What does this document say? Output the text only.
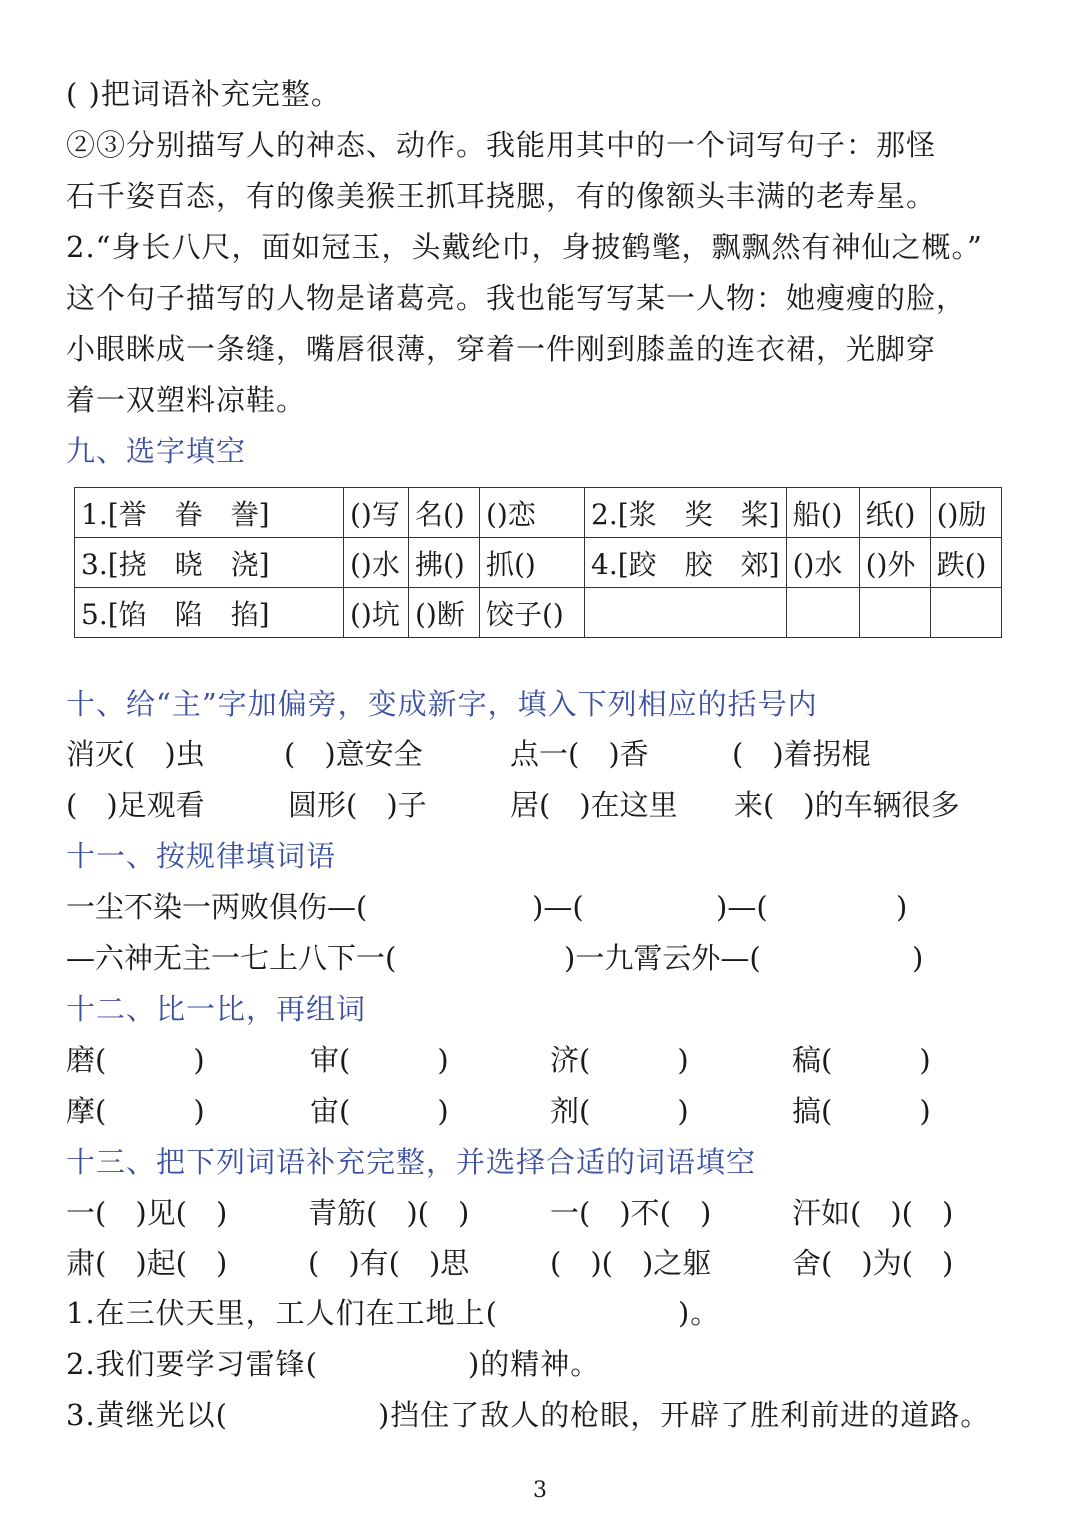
( )把词语补充完整。
②③分别描写人的神态、动作。我能用其中的一个词写句子：那怪
石千姿百态，有的像美猴王抓耳挠腮，有的像额头丰满的老寿星。
2.“身长八尺，面如冠玉，头戴纶巾，身披鹤氅，飘飘然有神仙之概。”
这个句子描写的人物是诸葛亮。我也能写写某一人物：她瘦瘦的脸，
小眼眯成一条缝，嘴唇很薄，穿着一件刚到膝盖的连衣裙，光脚穿
着一双塑料凉鞋。
九、选字填空
1.[誉　眷　誊]	()写	名()	()恋	2.[浆　奖　桨]	船()	纸()	()励
3.[挠　晓　浇]	()水	拂()	抓()	4.[跤　胶　郊]	()水	()外	跌()
5.[馅　陷　掐]	()坑	()断	饺子()				
十、给“主”字加偏旁，变成新字，填入下列相应的括号内
消灭(　)虫	(　)意安全	点一(　)香	(　)着拐棍
(　)足观看	圆形(　)子	居(　)在这里 来(　)的车辆很多
十一、按规律填词语
一尘不染一两败俱伤—(	)—(	)—(	)
—六神无主一七上八下一(	)一九霄云外—(	)
十二、比一比，再组词
磨(　　　)	审(　　　)	济(　　　)	稿(　　　)
摩(　　　)	宙(　　　)	剂(　　　)	搞(　　　)
十三、把下列词语补充完整，并选择合适的词语填空
一(　)见(　)	青筋(　)(　)	一(　)不(　)	汗如(　)(　)
肃(　)起(　)	(　)有(　)思	(　)(　)之躯	舍(　)为(　)
1.在三伏天里，工人们在工地上(　　　　　　)。
2.我们要学习雷锋(　　　　　)的精神。
3.黄继光以(　　　　　)挡住了敌人的枪眼，开辟了胜利前进的道路。
3
